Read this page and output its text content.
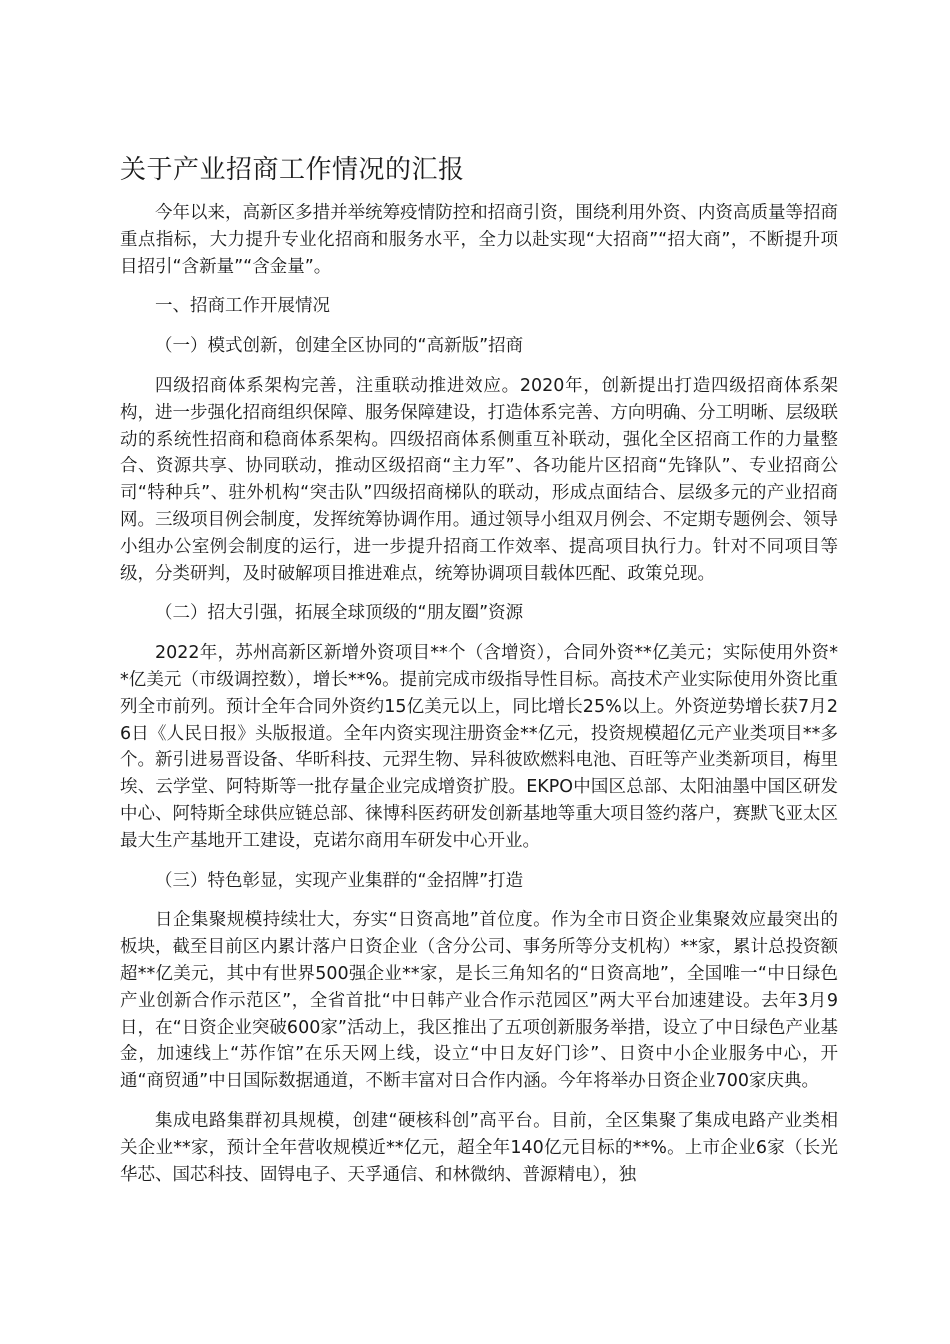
关于产业招商工作情况的汇报

今年以来，高新区多措并举统筹疫情防控和招商引资，围绕利用外资、内资高质量等招商重点指标，大力提升专业化招商和服务水平，全力以赴实现“大招商”“招大商”，不断提升项目招引“含新量”“含金量”。

一、招商工作开展情况

（一）模式创新，创建全区协同的“高新版”招商

四级招商体系架构完善，注重联动推进效应。2020年，创新提出打造四级招商体系架构，进一步强化招商组织保障、服务保障建设，打造体系完善、方向明确、分工明晰、层级联动的系统性招商和稳商体系架构。四级招商体系侧重互补联动，强化全区招商工作的力量整合、资源共享、协同联动，推动区级招商“主力军”、各功能片区招商“先锋队”、专业招商公司“特种兵”、驻外机构“突击队”四级招商梯队的联动，形成点面结合、层级多元的产业招商网。三级项目例会制度，发挥统筹协调作用。通过领导小组双月例会、不定期专题例会、领导小组办公室例会制度的运行，进一步提升招商工作效率、提高项目执行力。针对不同项目等级，分类研判，及时破解项目推进难点，统筹协调项目载体匹配、政策兑现。

（二）招大引强，拓展全球顶级的“朋友圈”资源

2022年，苏州高新区新增外资项目**个（含增资），合同外资**亿美元；实际使用外资**亿美元（市级调控数），增长**%。提前完成市级指导性目标。高技术产业实际使用外资比重列全市前列。预计全年合同外资约15亿美元以上，同比增长25%以上。外资逆势增长获7月26日《人民日报》头版报道。全年内资实现注册资金**亿元，投资规模超亿元产业类项目**多个。新引进易晋设备、华昕科技、元羿生物、异科彼欧燃料电池、百旺等产业类新项目，梅里埃、云学堂、阿特斯等一批存量企业完成增资扩股。EKPO中国区总部、太阳油墨中国区研发中心、阿特斯全球供应链总部、徕博科医药研发创新基地等重大项目签约落户，赛默飞亚太区最大生产基地开工建设，克诺尔商用车研发中心开业。

（三）特色彰显，实现产业集群的“金招牌”打造

日企集聚规模持续壮大，夯实“日资高地”首位度。作为全市日资企业集聚效应最突出的板块，截至目前区内累计落户日资企业（含分公司、事务所等分支机构）**家，累计总投资额超**亿美元，其中有世界500强企业**家，是长三角知名的“日资高地”，全国唯一“中日绿色产业创新合作示范区”，全省首批“中日韩产业合作示范园区”两大平台加速建设。去年3月9日，在“日资企业突破600家”活动上，我区推出了五项创新服务举措，设立了中日绿色产业基金，加速线上“苏作馆”在乐天网上线，设立“中日友好门诊”、日资中小企业服务中心，开通“商贸通”中日国际数据通道，不断丰富对日合作内涵。今年将举办日资企业700家庆典。

集成电路集群初具规模，创建“硬核科创”高平台。目前，全区集聚了集成电路产业类相关企业**家，预计全年营收规模近**亿元，超全年140亿元目标的**%。上市企业6家（长光华芯、国芯科技、固锝电子、天孚通信、和林微纳、普源精电），独
